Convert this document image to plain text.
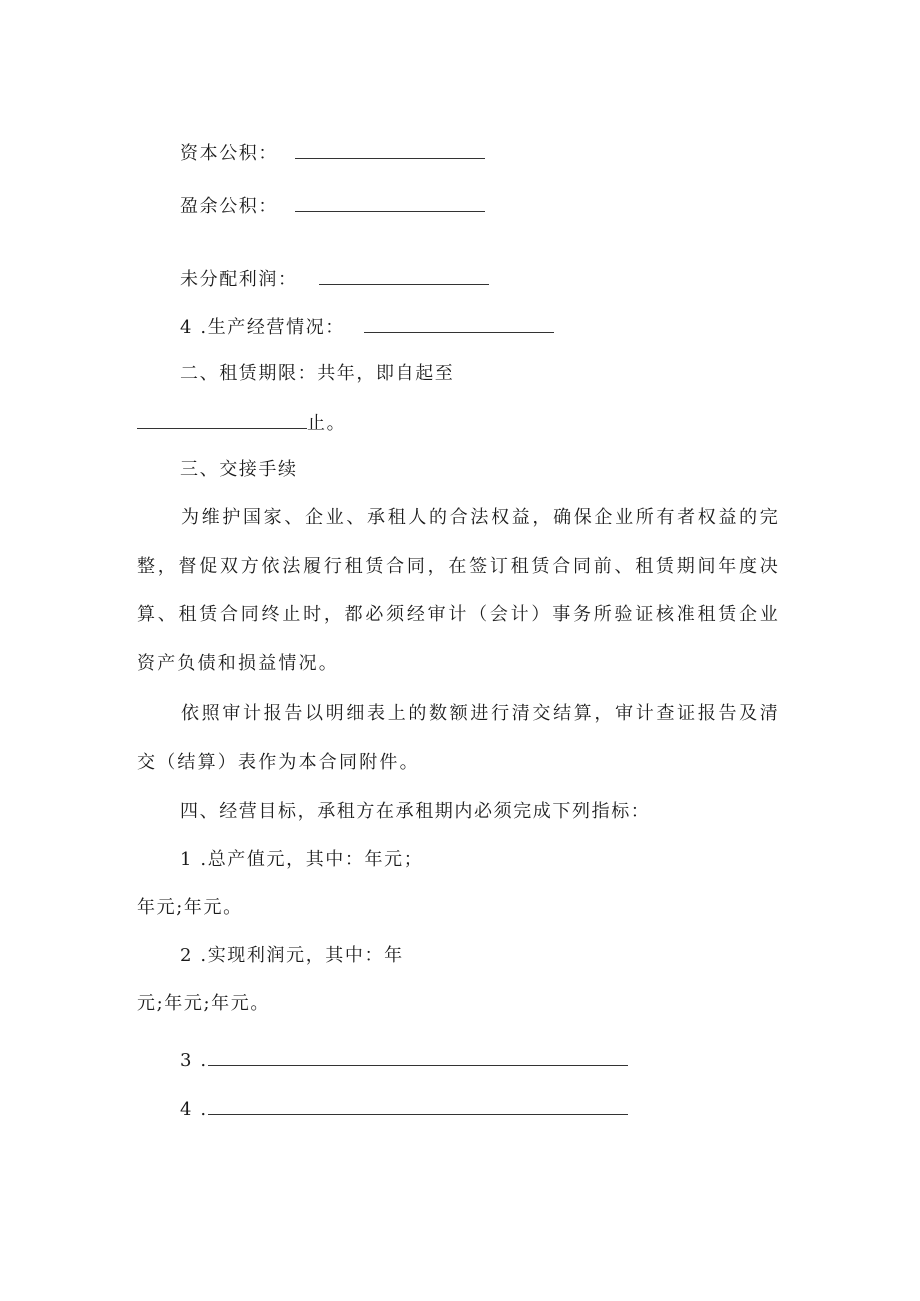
资本公积：
盈余公积：
未分配利润：
4 .生产经营情况：
二、租赁期限：共年，即自起至
止。
三、交接手续

为维护国家、企业、承租人的合法权益，确保企业所有者权益的完整，督促双方依法履行租赁合同，在签订租赁合同前、租赁期间年度决算、租赁合同终止时，都必须经审计（会计）事务所验证核准租赁企业资产负债和损益情况。

依照审计报告以明细表上的数额进行清交结算，审计查证报告及清交（结算）表作为本合同附件。

四、经营目标，承租方在承租期内必须完成下列指标：
1 .总产值元，其中：年元；
年元;年元。
2 .实现利润元，其中：年
元;年元;年元。
3 .
4 .
